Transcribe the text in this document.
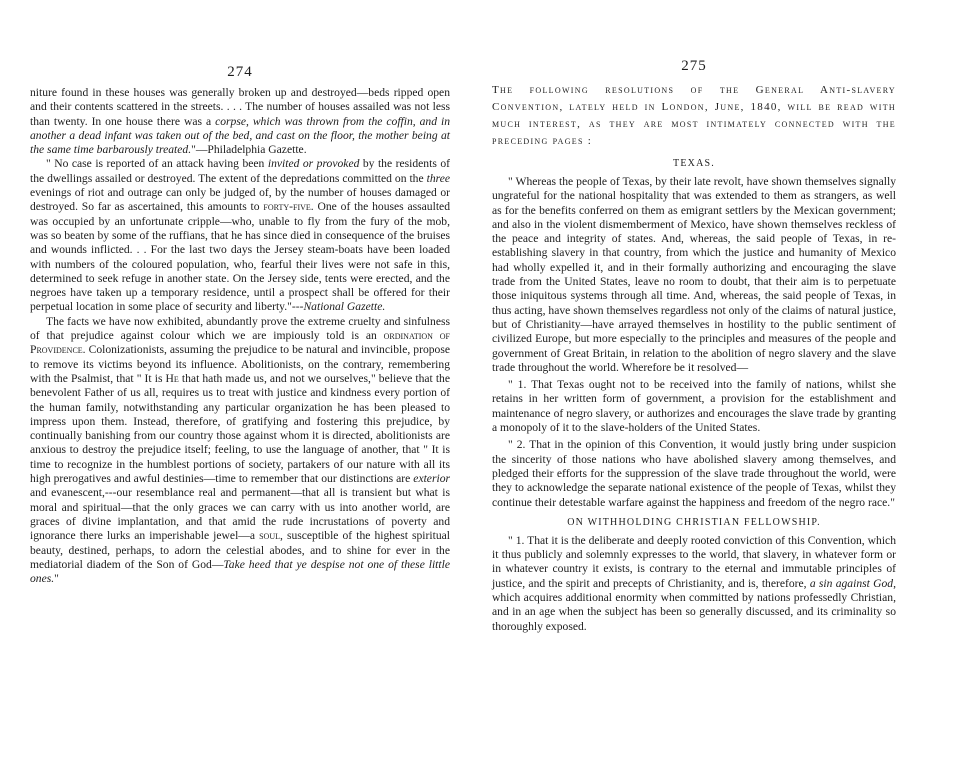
274

niture found in these houses was generally broken up and destroyed—beds ripped open and their contents scattered in the streets. . . . The number of houses assailed was not less than twenty. In one house there was a corpse, which was thrown from the coffin, and in another a dead infant was taken out of the bed, and cast on the floor, the mother being at the same time barbarously treated."—Philadelphia Gazette.

" No case is reported of an attack having been invited or provoked by the residents of the dwellings assailed or destroyed. The extent of the depredations committed on the three evenings of riot and outrage can only be judged of, by the number of houses damaged or destroyed. So far as ascertained, this amounts to forty-five. One of the houses assaulted was occupied by an unfortunate cripple—who, unable to fly from the fury of the mob, was so beaten by some of the ruffians, that he has since died in consequence of the bruises and wounds inflicted. . . For the last two days the Jersey steam-boats have been loaded with numbers of the coloured population, who, fearful their lives were not safe in this, determined to seek refuge in another state. On the Jersey side, tents were erected, and the negroes have taken up a temporary residence, until a prospect shall be offered for their perpetual location in some place of security and liberty."---National Gazette.

The facts we have now exhibited, abundantly prove the extreme cruelty and sinfulness of that prejudice against colour which we are impiously told is an ordination of Providence. Colonizationists, assuming the prejudice to be natural and invincible, propose to remove its victims beyond its influence. Abolitionists, on the contrary, remembering with the Psalmist, that " It is He that hath made us, and not we ourselves," believe that the benevolent Father of us all, requires us to treat with justice and kindness every portion of the human family, notwithstanding any particular organization he has been pleased to impress upon them. Instead, therefore, of gratifying and fostering this prejudice, by continually banishing from our country those against whom it is directed, abolitionists are anxious to destroy the prejudice itself; feeling, to use the language of another, that " It is time to recognize in the humblest portions of society, partakers of our nature with all its high prerogatives and awful destinies—time to remember that our distinctions are exterior and evanescent,---our resemblance real and permanent—that all is transient but what is moral and spiritual—that the only graces we can carry with us into another world, are graces of divine implantation, and that amid the rude incrustations of poverty and ignorance there lurks an imperishable jewel—a soul, susceptible of the highest spiritual beauty, destined, perhaps, to adorn the celestial abodes, and to shine for ever in the mediatorial diadem of the Son of God—Take heed that ye despise not one of these little ones."

275
The following resolutions of the General Anti-slavery Convention, lately held in London, June, 1840, will be read with much interest, as they are most intimately connected with the preceding pages :
TEXAS.

" Whereas the people of Texas, by their late revolt, have shown themselves signally ungrateful for the national hospitality that was extended to them as strangers, as well as for the benefits conferred on them as emigrant settlers by the Mexican government; and also in the violent dismemberment of Mexico, have shown themselves reckless of the peace and integrity of states. And, whereas, the said people of Texas, in re-establishing slavery in that country, from which the justice and humanity of Mexico had wholly expelled it, and in their formally authorizing and encouraging the slave trade from the United States, leave no room to doubt, that their aim is to perpetuate those iniquitous systems through all time. And, whereas, the said people of Texas, in thus acting, have shown themselves regardless not only of the claims of natural justice, but of Christianity—have arrayed themselves in hostility to the public sentiment of civilized Europe, but more especially to the principles and measures of the people and government of Great Britain, in relation to the abolition of negro slavery and the slave trade throughout the world. Wherefore be it resolved—

" 1. That Texas ought not to be received into the family of nations, whilst she retains in her written form of government, a provision for the establishment and maintenance of negro slavery, or authorizes and encourages the slave trade by granting a monopoly of it to the slave-holders of the United States.

" 2. That in the opinion of this Convention, it would justly bring under suspicion the sincerity of those nations who have abolished slavery among themselves, and pledged their efforts for the suppression of the slave trade throughout the world, were they to acknowledge the separate national existence of the people of Texas, whilst they continue their detestable warfare against the happiness and freedom of the negro race."

ON WITHHOLDING CHRISTIAN FELLOWSHIP.

" 1. That it is the deliberate and deeply rooted conviction of this Convention, which it thus publicly and solemnly expresses to the world, that slavery, in whatever form or in whatever country it exists, is contrary to the eternal and immutable principles of justice, and the spirit and precepts of Christianity, and is, therefore, a sin against God, which acquires additional enormity when committed by nations professedly Christian, and in an age when the subject has been so generally discussed, and its criminality so thoroughly exposed.
